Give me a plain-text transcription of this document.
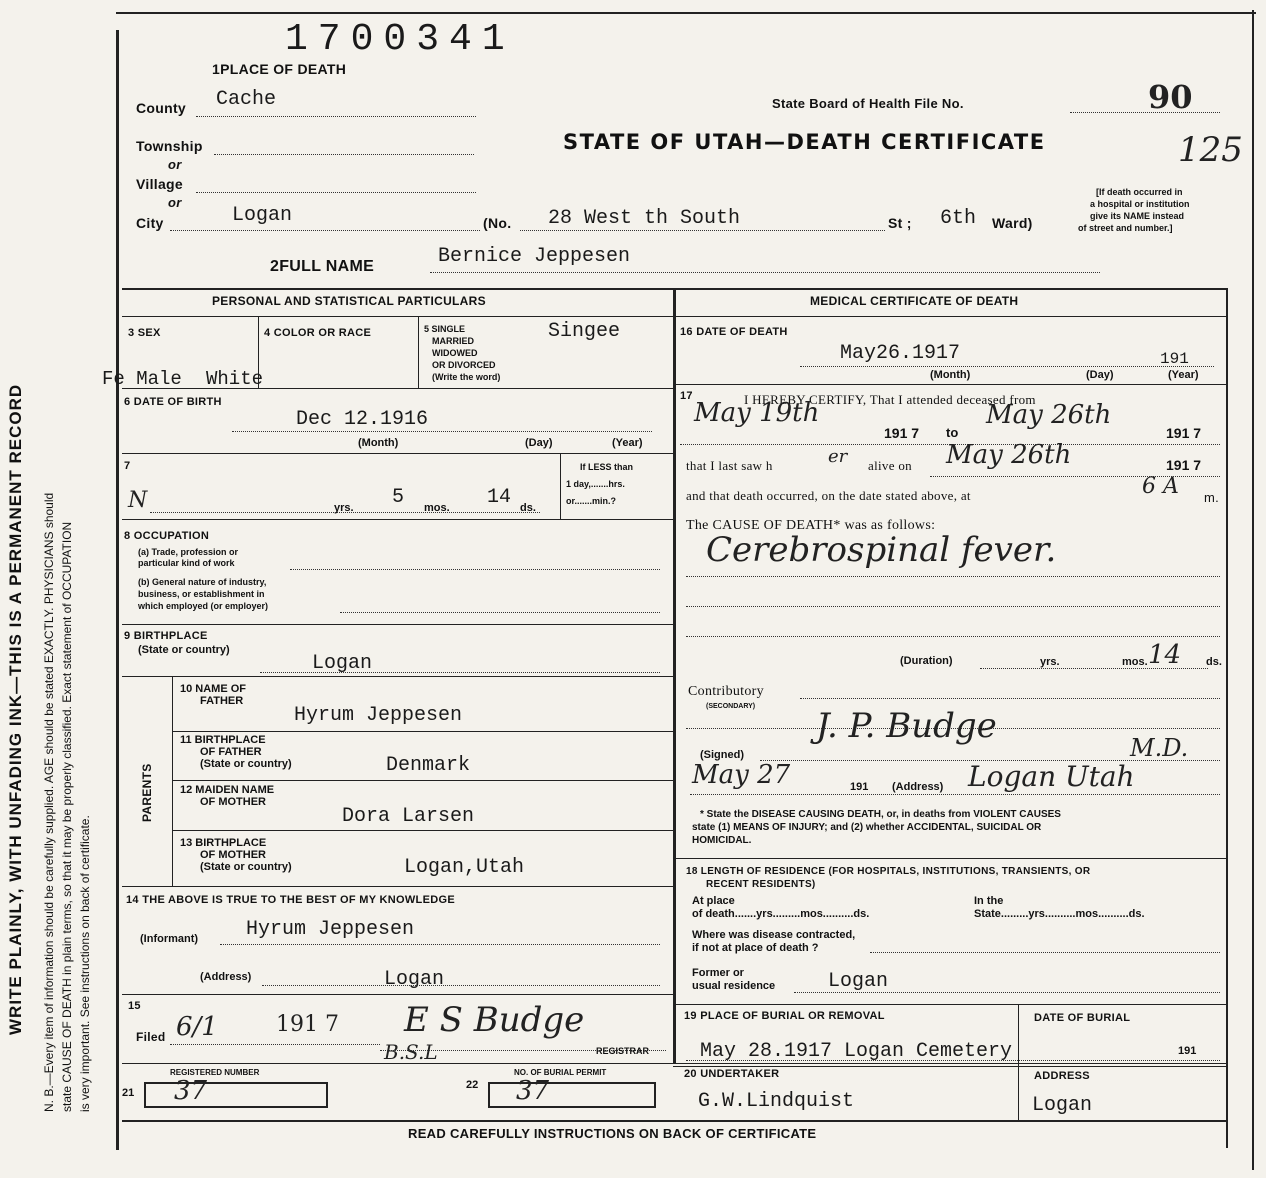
WRITE PLAINLY, WITH UNFADING INK—THIS IS A PERMANENT RECORD N. B.—Every item of information should be carefully supplied. AGE should be stated EXACTLY. PHYSICIANS should state CAUSE OF DEATH in plain terms, so that it may be properly classified. Exact statement of OCCUPATION is very important. See instructions on back of certificate.
1700341
1PLACE OF DEATH
County Cache	State Board of Health File No.	90
STATE OF UTAH—DEATH CERTIFICATE	125
Township
or
Village
or
City	Logan	(No. 28 West th South	St ; 6th Ward)
[If death occurred in
a hospital or institution
give its NAME instead
of street and number.]
2FULL NAME	Bernice Jeppesen
PERSONAL AND STATISTICAL PARTICULARS
3 SEX
Fe Male
4 COLOR OR RACE
White
5 SINGLE
MARRIED
WIDOWED
OR DIVORCED
(Write the word)
Singee
6 DATE OF BIRTH
Dec 12.1916
(Month)	(Day)	(Year)
7
N	yrs. 5 mos. 14 ds.
If LESS than
1 day,.......hrs.
or.......min.?
8 OCCUPATION
(a) Trade, profession or
particular kind of work
(b) General nature of industry,
business, or establishment in
which employed (or employer)
9 BIRTHPLACE
(State or country)
Logan
PARENTS
10 NAME OF
FATHER
Hyrum Jeppesen
11 BIRTHPLACE
OF FATHER
(State or country)	Denmark
12 MAIDEN NAME
OF MOTHER
Dora Larsen
13 BIRTHPLACE
OF MOTHER
(State or country)	Logan,Utah
14 THE ABOVE IS TRUE TO THE BEST OF MY KNOWLEDGE
(Informant) Hyrum Jeppesen
(Address)	Logan
15
Filed 6/1	191 7 E S Budge
B.S.L	REGISTRAR
21
REGISTERED NUMBER
37	22
NO. OF BURIAL PERMIT
37
MEDICAL CERTIFICATE OF DEATH
16 DATE OF DEATH
May26.1917	191
(Month)	(Day)	(Year)
17	I HEREBY CERTIFY, That I attended deceased from
May 19th
191 7 to
May 26th
191 7
that I last saw h	er alive on May 26th	191 7
and that death occurred, on the date stated above, at	6 A m.
The CAUSE OF DEATH* was as follows:
Cerebrospinal fever.
(Duration)	yrs.	mos. 14 ds.
Contributory
(SECONDARY) J. P. Budge
M.D.
(Signed)
May 27	191 (Address) Logan Utah
* State the DISEASE CAUSING DEATH, or, in deaths from VIOLENT CAUSES
state (1) MEANS OF INJURY; and (2) whether ACCIDENTAL, SUICIDAL OR
HOMICIDAL.
18 LENGTH OF RESIDENCE (FOR HOSPITALS, INSTITUTIONS, TRANSIENTS, OR
RECENT RESIDENTS)
At place
of death.......yrs.........mos..........ds.
In the
State.........yrs..........mos..........ds.
Where was disease contracted,
if not at place of death ?
Former or
usual residence	Logan
19 PLACE OF BURIAL OR REMOVAL	DATE OF BURIAL
May 28.1917 Logan Cemetery	191
20 UNDERTAKER
G.W.Lindquist
ADDRESS
Logan
READ CAREFULLY INSTRUCTIONS ON BACK OF CERTIFICATE
